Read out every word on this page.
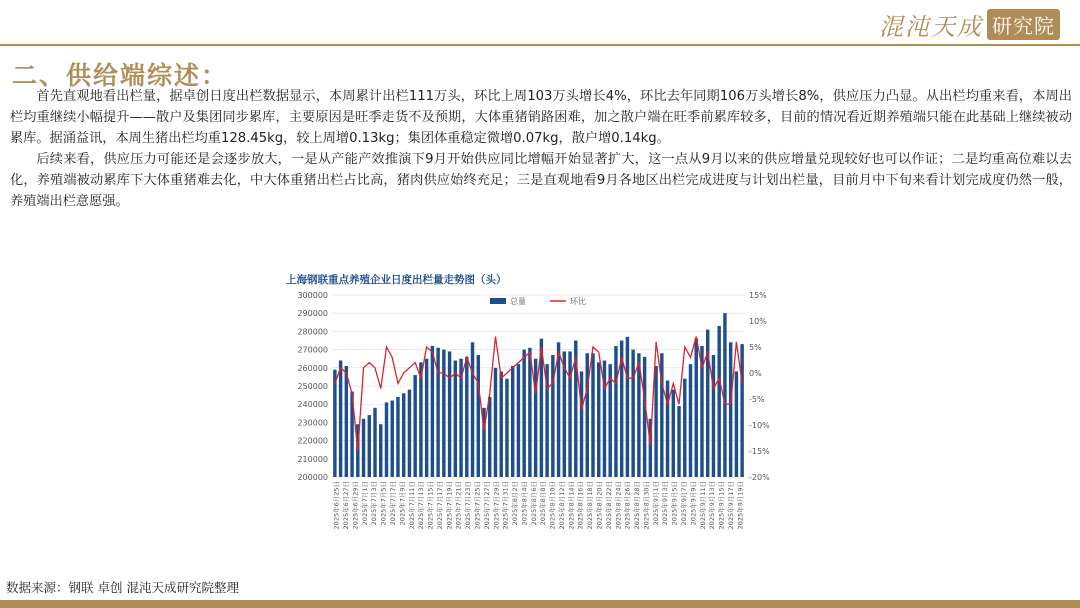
混沌天成 研究院
二、供给端综述：

首先直观地看出栏量，据卓创日度出栏数据显示，本周累计出栏111万头，环比上周103万头增长4%，环比去年同期106万头增长8%，供应压力凸显。从出栏均重来看，本周出栏均重继续小幅提升——散户及集团同步累库，主要原因是旺季走货不及预期，大体重猪销路困难，加之散户端在旺季前累库较多，目前的情况看近期养殖端只能在此基础上继续被动累库。据涌益讯，本周生猪出栏均重128.45kg，较上周增0.13kg；集团体重稳定微增0.07kg，散户增0.14kg。

后续来看，供应压力可能还是会逐步放大，一是从产能产效推演下9月开始供应同比增幅开始显著扩大，这一点从9月以来的供应增量兑现较好也可以作证；二是均重高位难以去化，养殖端被动累库下大体重猪难去化，中大体重猪出栏占比高，猪肉供应始终充足；三是直观地看9月各地区出栏完成进度与计划出栏量，目前月中下旬来看计划完成度仍然一般，养殖端出栏意愿强。

上海钢联重点养殖企业日度出栏量走势图（头）
总量	环比
200000
210000
220000
230000
240000
250000
260000
270000
280000
290000
300000
-20%
-15%
-10%
-5%
0%
5%
10%
15%
2025年6月25日 2025年6月27日 2025年6月29日 2025年7月1日 2025年7月3日 2025年7月5日 2025年7月7日 2025年7月9日 2025年7月11日 2025年7月13日 2025年7月15日 2025年7月17日 2025年7月19日 2025年7月21日 2025年7月23日 2025年7月25日 2025年7月27日 2025年7月29日 2025年7月31日 2025年8月2日 2025年8月4日 2025年8月6日 2025年8月8日 2025年8月10日 2025年8月12日 2025年8月14日 2025年8月16日 2025年8月18日 2025年8月20日 2025年8月22日 2025年8月24日 2025年8月26日 2025年8月28日 2025年8月30日 2025年9月1日 2025年9月3日 2025年9月5日 2025年9月7日 2025年9月9日 2025年9月11日 2025年9月13日 2025年9月15日 2025年9月17日 2025年9月19日
数据来源：钢联 卓创 混沌天成研究院整理
